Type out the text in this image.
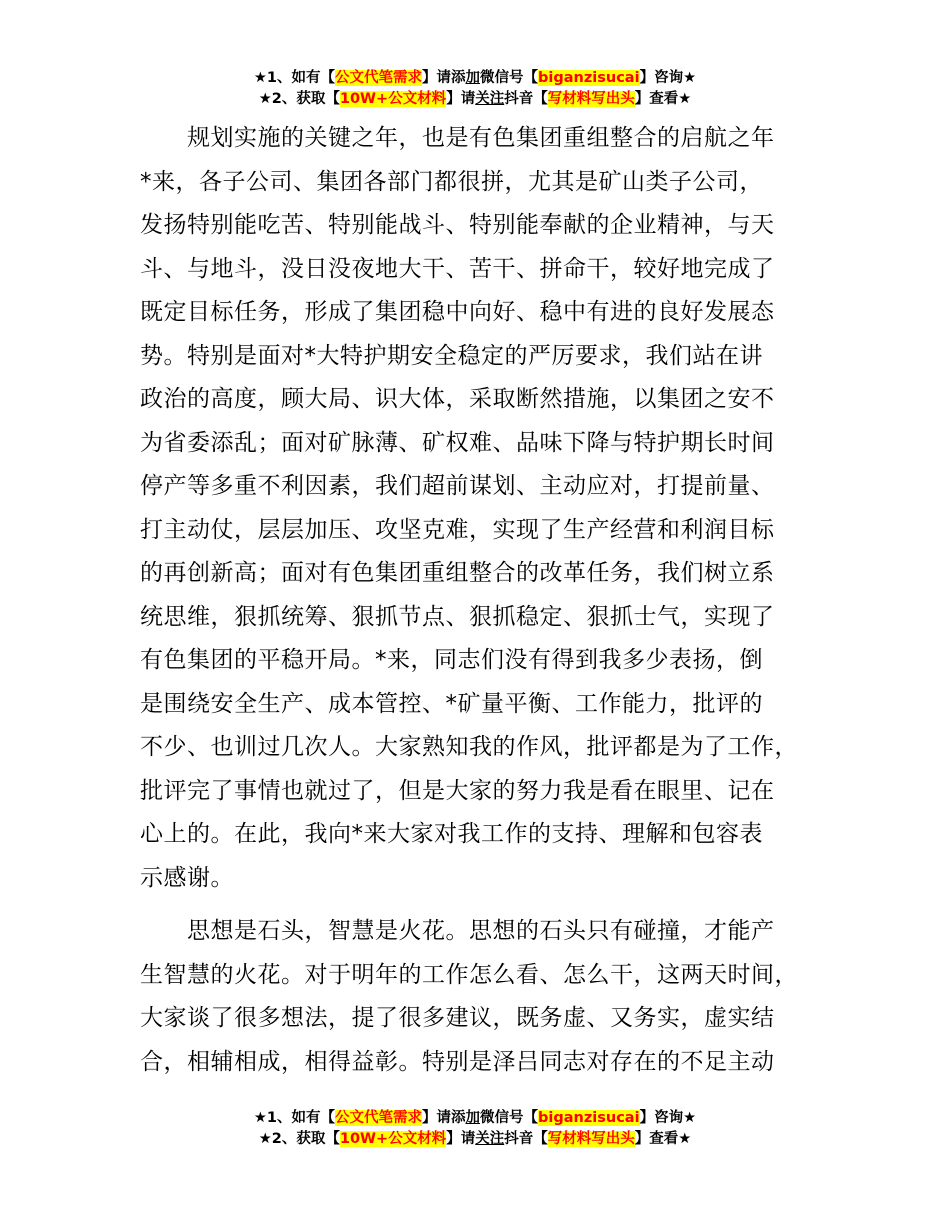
★1、如有【公文代笔需求】请添加微信号【biganzisucai】咨询★
★2、获取【10W+公文材料】请关注抖音【写材料写出头】查看★
　　规划实施的关键之年，也是有色集团重组整合的启航之年
*来，各子公司、集团各部门都很拼，尤其是矿山类子公司，
发扬特别能吃苦、特别能战斗、特别能奉献的企业精神，与天
斗、与地斗，没日没夜地大干、苦干、拼命干，较好地完成了
既定目标任务，形成了集团稳中向好、稳中有进的良好发展态
势。特别是面对*大特护期安全稳定的严厉要求，我们站在讲
政治的高度，顾大局、识大体，采取断然措施，以集团之安不
为省委添乱；面对矿脉薄、矿权难、品味下降与特护期长时间
停产等多重不利因素，我们超前谋划、主动应对，打提前量、
打主动仗，层层加压、攻坚克难，实现了生产经营和利润目标
的再创新高；面对有色集团重组整合的改革任务，我们树立系
统思维，狠抓统筹、狠抓节点、狠抓稳定、狠抓士气，实现了
有色集团的平稳开局。*来，同志们没有得到我多少表扬，倒
是围绕安全生产、成本管控、*矿量平衡、工作能力，批评的
不少、也训过几次人。大家熟知我的作风，批评都是为了工作，
批评完了事情也就过了，但是大家的努力我是看在眼里、记在
心上的。在此，我向*来大家对我工作的支持、理解和包容表
示感谢。
　　思想是石头，智慧是火花。思想的石头只有碰撞，才能产
生智慧的火花。对于明年的工作怎么看、怎么干，这两天时间，
大家谈了很多想法，提了很多建议，既务虚、又务实，虚实结
合，相辅相成，相得益彰。特别是泽吕同志对存在的不足主动
★1、如有【公文代笔需求】请添加微信号【biganzisucai】咨询★
★2、获取【10W+公文材料】请关注抖音【写材料写出头】查看★
